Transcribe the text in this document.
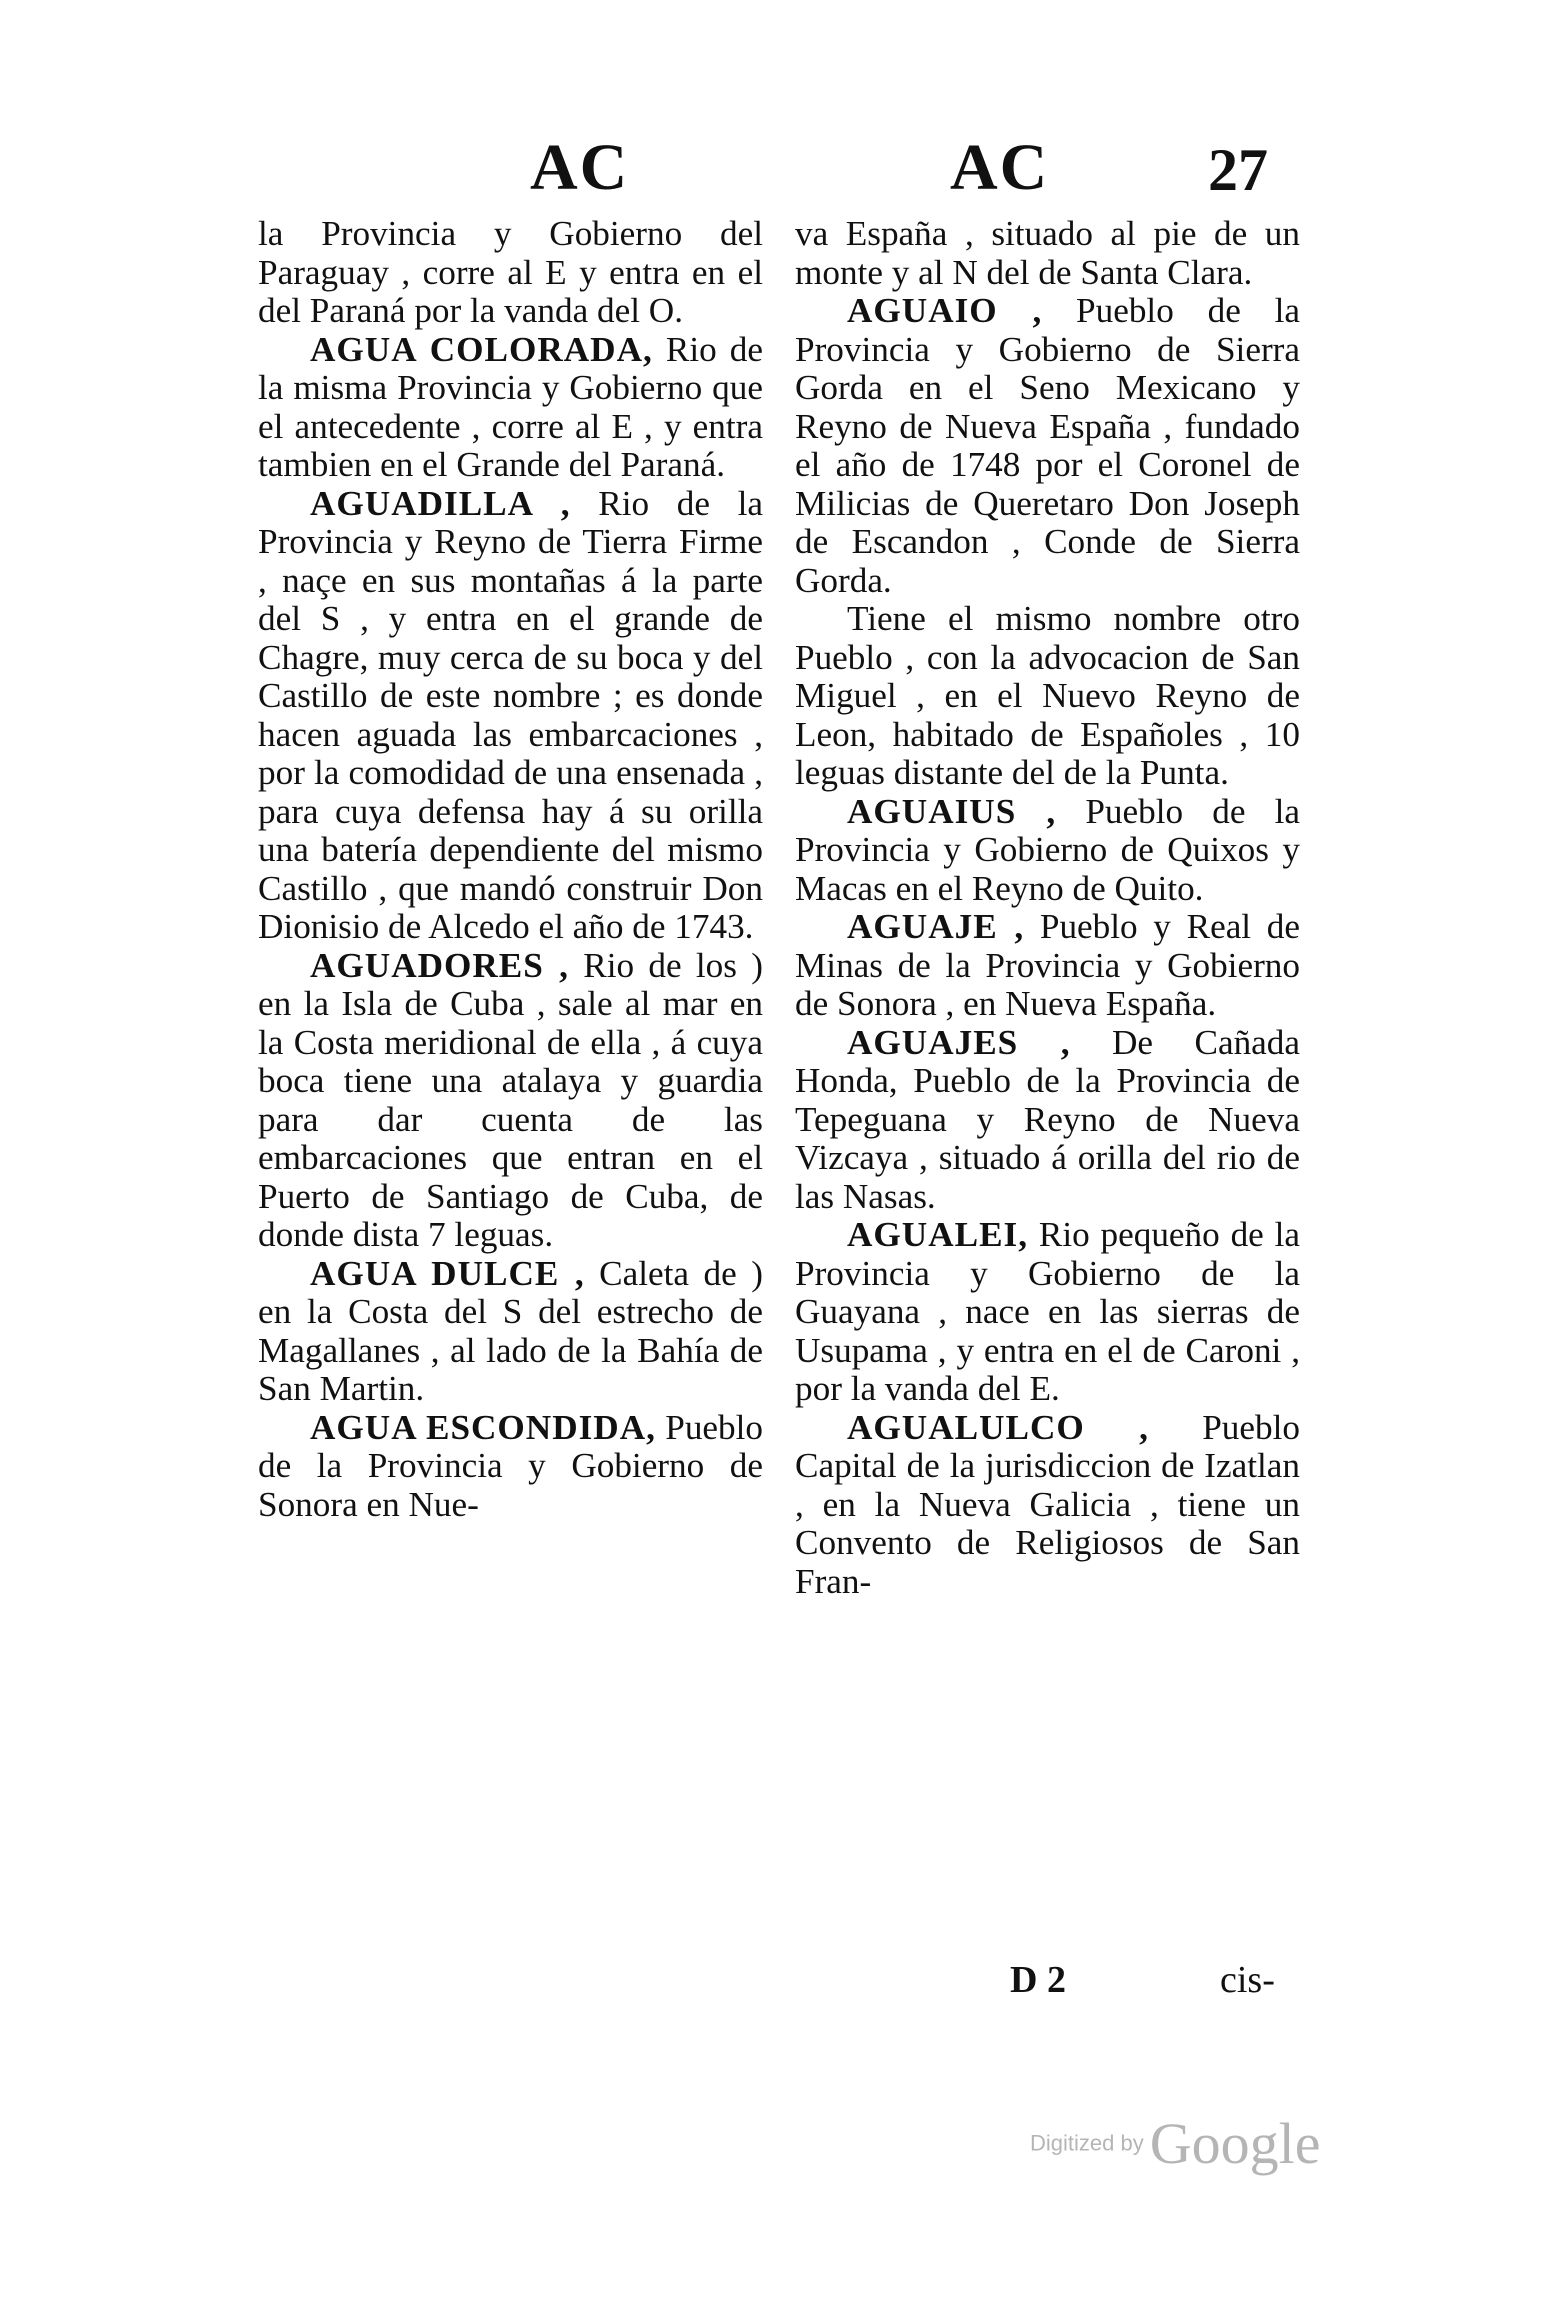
AC	AC	27

la Provincia y Gobierno del Paraguay , corre al E y entra en el del Paraná por la vanda del O.

AGUA COLORADA, Rio de la misma Provincia y Gobierno que el antecedente , corre al E , y entra tambien en el Grande del Paraná.

AGUADILLA , Rio de la Provincia y Reyno de Tierra Firme , naçe en sus montañas á la parte del S , y entra en el grande de Chagre, muy cerca de su boca y del Castillo de este nombre ; es donde hacen aguada las embarcaciones , por la comodidad de una ensenada , para cuya defensa hay á su orilla una batería dependiente del mismo Castillo , que mandó construir Don Dionisio de Alcedo el año de 1743.

AGUADORES , Rio de los ) en la Isla de Cuba , sale al mar en la Costa meridional de ella , á cuya boca tiene una atalaya y guardia para dar cuenta de las embarcaciones que entran en el Puerto de Santiago de Cuba, de donde dista 7 leguas.

AGUA DULCE , Caleta de ) en la Costa del S del estrecho de Magallanes , al lado de la Bahía de San Martin.

AGUA ESCONDIDA, Pueblo de la Provincia y Gobierno de Sonora en Nue-

va España , situado al pie de un monte y al N del de Santa Clara.

AGUAIO , Pueblo de la Provincia y Gobierno de Sierra Gorda en el Seno Mexicano y Reyno de Nueva España , fundado el año de 1748 por el Coronel de Milicias de Queretaro Don Joseph de Escandon , Conde de Sierra Gorda.

Tiene el mismo nombre otro Pueblo , con la advocacion de San Miguel , en el Nuevo Reyno de Leon, habitado de Españoles , 10 leguas distante del de la Punta.

AGUAIUS , Pueblo de la Provincia y Gobierno de Quixos y Macas en el Reyno de Quito.

AGUAJE , Pueblo y Real de Minas de la Provincia y Gobierno de Sonora , en Nueva España.

AGUAJES , De Cañada Honda, Pueblo de la Provincia de Tepeguana y Reyno de Nueva Vizcaya , situado á orilla del rio de las Nasas.

AGUALEI, Rio pequeño de la Provincia y Gobierno de la Guayana , nace en las sierras de Usupama , y entra en el de Caroni , por la vanda del E.

AGUALULCO , Pueblo Capital de la jurisdiccion de Izatlan , en la Nueva Galicia , tiene un Convento de Religiosos de San Fran-

D 2	cis-
Digitized by Google
